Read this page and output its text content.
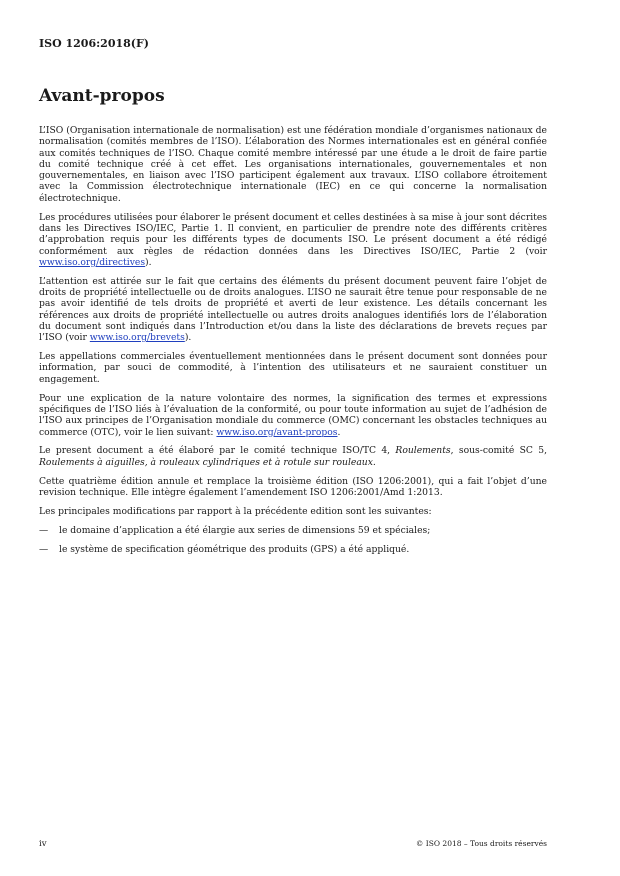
ISO 1206:2018(F)
Avant-propos

L’ISO (Organisation internationale de normalisation) est une fédération mondiale d’organismes nationaux de normalisation (comités membres de l’ISO). L’élaboration des Normes internationales est en général confiée aux comités techniques de l’ISO. Chaque comité membre intéressé par une étude a le droit de faire partie du comité technique créé à cet effet. Les organisations internationales, gouvernementales et non gouvernementales, en liaison avec l’ISO participent également aux travaux. L’ISO collabore étroitement avec la Commission électrotechnique internationale (IEC) en ce qui concerne la normalisation électrotechnique.

Les procédures utilisées pour élaborer le présent document et celles destinées à sa mise à jour sont décrites dans les Directives ISO/IEC, Partie 1. Il convient, en particulier de prendre note des différents critères d’approbation requis pour les différents types de documents ISO. Le présent document a été rédigé conformément aux règles de rédaction données dans les Directives ISO/IEC, Partie 2 (voir www.iso.org/directives).

L’attention est attirée sur le fait que certains des éléments du présent document peuvent faire l’objet de droits de propriété intellectuelle ou de droits analogues. L’ISO ne saurait être tenue pour responsable de ne pas avoir identifié de tels droits de propriété et averti de leur existence. Les détails concernant les références aux droits de propriété intellectuelle ou autres droits analogues identifiés lors de l’élaboration du document sont indiqués dans l’Introduction et/ou dans la liste des déclarations de brevets reçues par l’ISO (voir www.iso.org/brevets).

Les appellations commerciales éventuellement mentionnées dans le présent document sont données pour information, par souci de commodité, à l’intention des utilisateurs et ne sauraient constituer un engagement.

Pour une explication de la nature volontaire des normes, la signification des termes et expressions spécifiques de l’ISO liés à l’évaluation de la conformité, ou pour toute information au sujet de l’adhésion de l’ISO aux principes de l’Organisation mondiale du commerce (OMC) concernant les obstacles techniques au commerce (OTC), voir le lien suivant: www.iso.org/avant-propos.

Le present document a été élaboré par le comité technique ISO/TC 4, Roulements, sous-comité SC 5, Roulements à aiguilles, à rouleaux cylindriques et à rotule sur rouleaux.

Cette quatrième édition annule et remplace la troisième édition (ISO 1206:2001), qui a fait l’objet d’une revision technique. Elle intègre également l’amendement ISO 1206:2001/Amd 1:2013.

Les principales modifications par rapport à la précédente edition sont les suivantes:

—	le domaine d’application a été élargie aux series de dimensions 59 et spéciales;
—	le système de specification géométrique des produits (GPS) a été appliqué.
iv	© ISO 2018 – Tous droits réservés
